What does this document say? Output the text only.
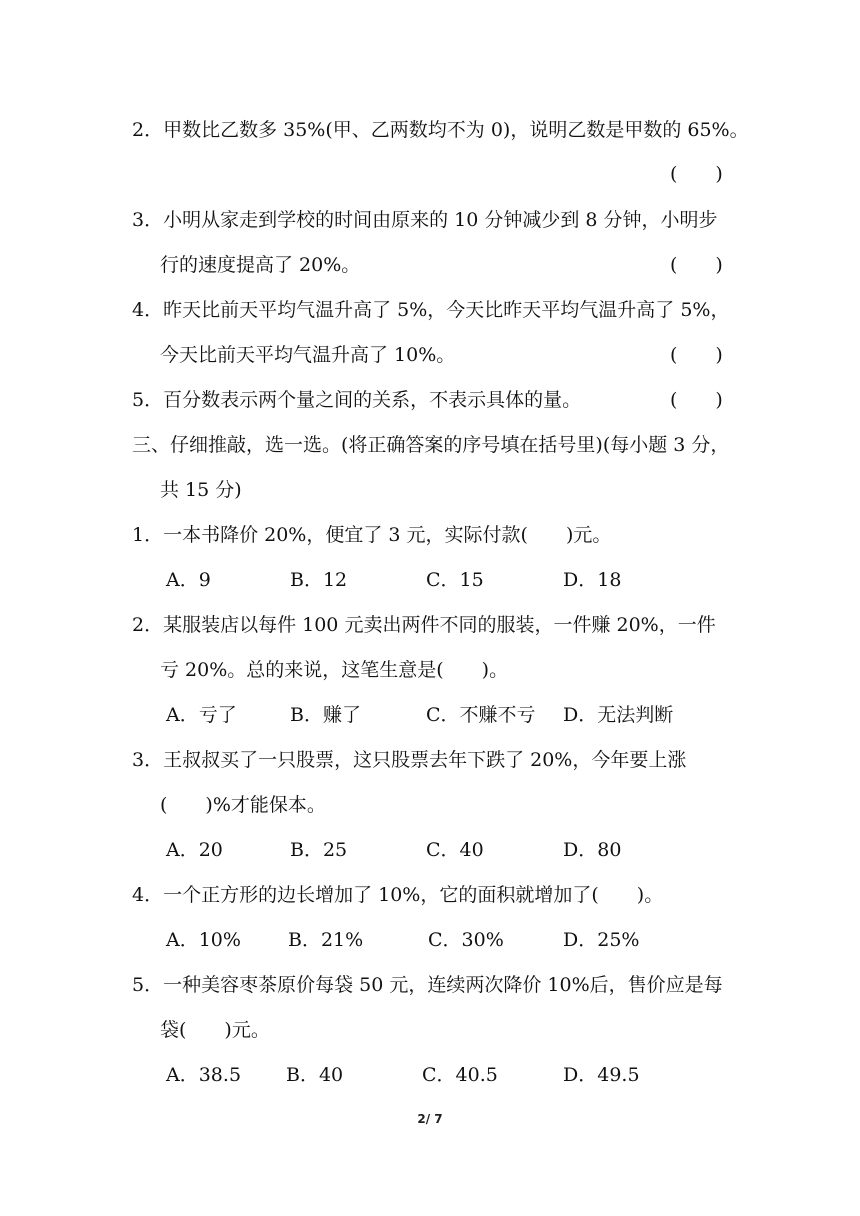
2．甲数比乙数多 35%(甲、乙两数均不为 0)，说明乙数是甲数的 65%。
(　　)
3．小明从家走到学校的时间由原来的 10 分钟减少到 8 分钟，小明步
行的速度提高了 20%。	(　　)
4．昨天比前天平均气温升高了 5%，今天比昨天平均气温升高了 5%，
今天比前天平均气温升高了 10%。	(　　)
5．百分数表示两个量之间的关系，不表示具体的量。	(　　)
三、仔细推敲，选一选。(将正确答案的序号填在括号里)(每小题 3 分，
共 15 分)
1．一本书降价 20%，便宜了 3 元，实际付款(　　)元。
A．9	B．12	C．15	D．18
2．某服装店以每件 100 元卖出两件不同的服装，一件赚 20%，一件
亏 20%。总的来说，这笔生意是(　　)。
A．亏了	B．赚了	C．不赚不亏 D．无法判断
3．王叔叔买了一只股票，这只股票去年下跌了 20%，今年要上涨
(　　)%才能保本。
A．20	B．25	C．40	D．80
4．一个正方形的边长增加了 10%，它的面积就增加了(　　)。
A．10% B．21%	C．30%	D．25%
5．一种美容枣茶原价每袋 50 元，连续两次降价 10%后，售价应是每
袋(　　)元。
A．38.5 B．40	C．40.5	D．49.5
2/ 7
